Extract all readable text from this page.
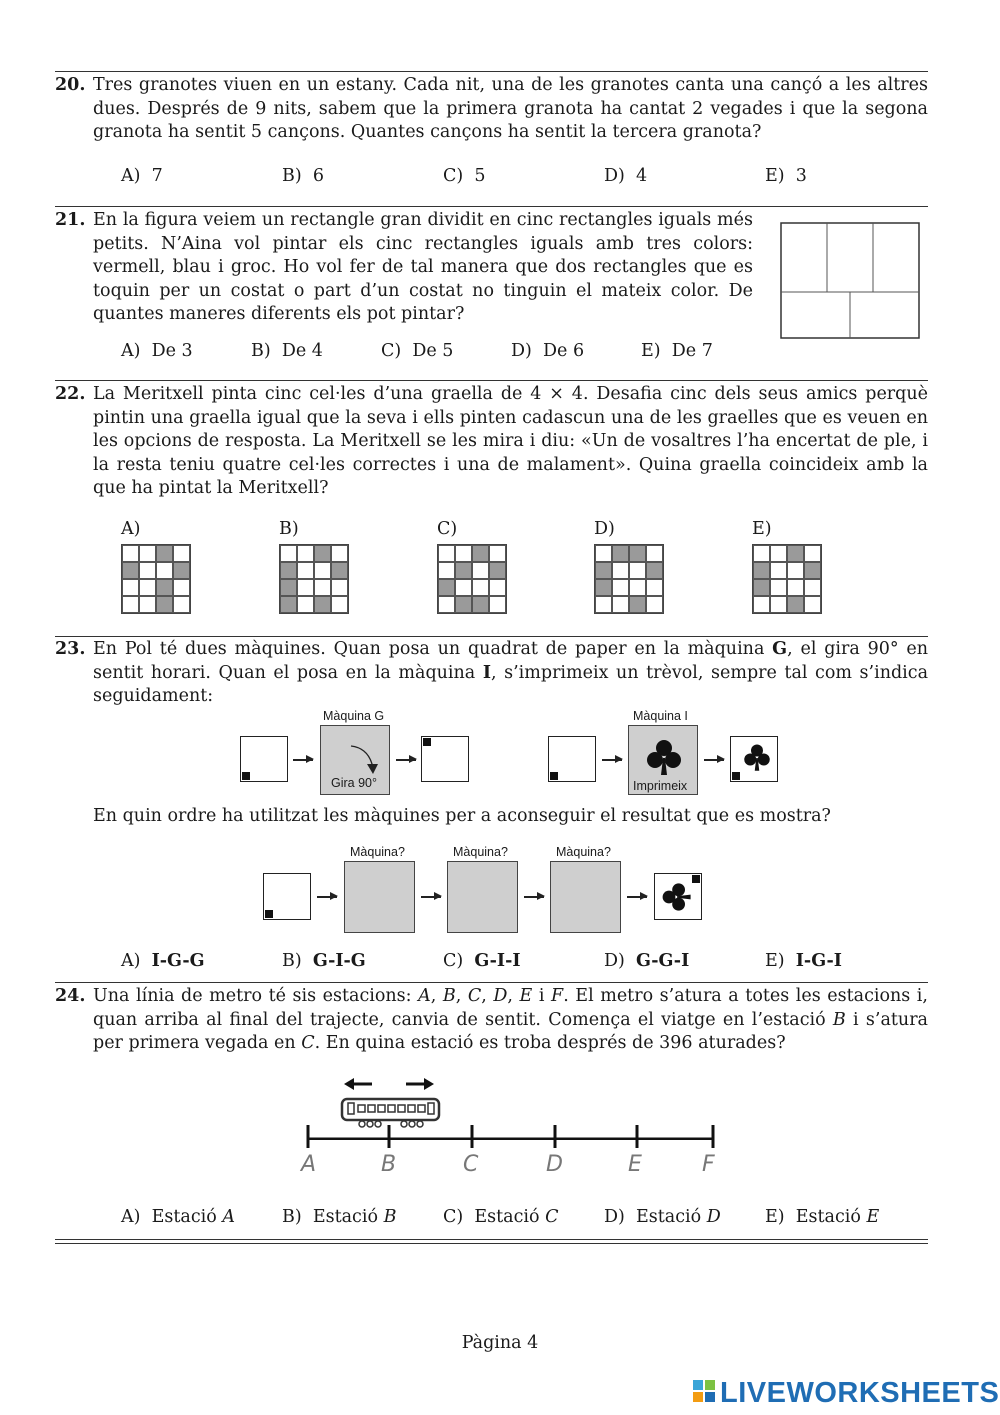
20. Tres granotes viuen en un estany. Cada nit, una de les granotes canta una cançó a les altres dues. Després de 9 nits, sabem que la primera granota ha cantat 2 vegades i que la segona granota ha sentit 5 cançons. Quantes cançons ha sentit la tercera granota?
A) 7	B) 6	C) 5	D) 4	E) 3
21. En la figura veiem un rectangle gran dividit en cinc rectangles iguals més petits. N’Aina vol pintar els cinc rectangles iguals amb tres colors: vermell, blau i groc. Ho vol fer de tal manera que dos rectangles que es toquin per un costat o part d’un costat no tinguin el mateix color. De quantes maneres diferents els pot pintar?
A) De 3	B) De 4	C) De 5	D) De 6	E) De 7
22. La Meritxell pinta cinc cel·les d’una graella de 4 × 4. Desafia cinc dels seus amics perquè pintin una graella igual que la seva i ells pinten cadascun una de les graelles que es veuen en les opcions de resposta. La Meritxell se les mira i diu: «Un de vosaltres l’ha encertat de ple, i la resta teniu quatre cel·les correctes i una de malament». Quina graella coincideix amb la que ha pintat la Meritxell?
A)	B)	C)	D)	E)
23. En Pol té dues màquines. Quan posa un quadrat de paper en la màquina G, el gira 90° en sentit horari. Quan el posa en la màquina I, s’imprimeix un trèvol, sempre tal com s’indica seguidament:
Màquina G
Gira 90°
Màquina I
Imprimeix
En quin ordre ha utilitzat les màquines per a aconseguir el resultat que es mostra?
Màquina?	Màquina?	Màquina?
A) I-G-G	B) G-I-G	C) G-I-I	D) G-G-I	E) I-G-I
24. Una línia de metro té sis estacions: A, B, C, D, E i F. El metro s’atura a totes les estacions i, quan arriba al final del trajecte, canvia de sentit. Comença el viatge en l’estació B i s’atura per primera vegada en C. En quina estació es troba després de 396 aturades?
A	B	C	D	E	F
A) Estació A	B) Estació B	C) Estació C	D) Estació D	E) Estació E
Pàgina 4
LIVEWORKSHEETS
